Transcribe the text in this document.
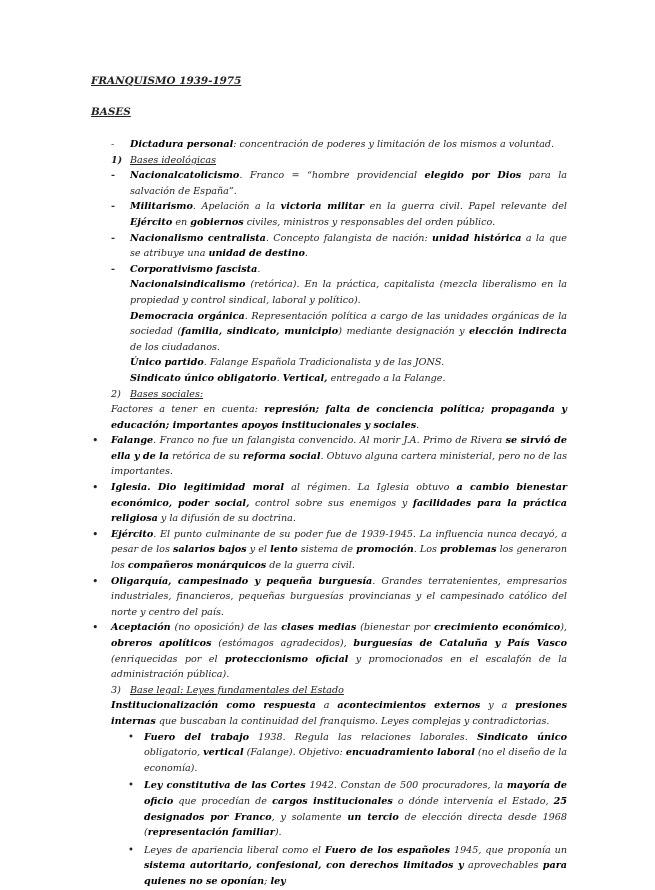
FRANQUISMO 1939-1975
BASES

- Dictadura personal: concentración de poderes y limitación de los mismos a voluntad.

1) Bases ideológicas

- Nacionalcatolicismo. Franco = “hombre providencial elegido por Dios para la salvación de España”.

- Militarismo. Apelación a la victoria militar en la guerra civil. Papel relevante del Ejército en gobiernos civiles, ministros y responsables del orden público.

- Nacionalismo centralista. Concepto falangista de nación: unidad histórica a la que se atribuye una unidad de destino.

- Corporativismo fascista.

Nacionalsindicalismo (retórica). En la práctica, capitalista (mezcla liberalismo en la propiedad y control sindical, laboral y político).

Democracia orgánica. Representación política a cargo de las unidades orgánicas de la sociedad (familia, sindicato, municipio) mediante designación y elección indirecta de los ciudadanos.

Único partido. Falange Española Tradicionalista y de las JONS.

Sindicato único obligatorio. Vertical, entregado a la Falange.

2) Bases sociales:

Factores a tener en cuenta: represión; falta de conciencia política; propaganda y educación; importantes apoyos institucionales y sociales.

• Falange. Franco no fue un falangista convencido. Al morir J.A. Primo de Rivera se sirvió de ella y de la retórica de su reforma social. Obtuvo alguna cartera ministerial, pero no de las importantes.

• Iglesia. Dio legitimidad moral al régimen. La Iglesia obtuvo a cambio bienestar económico, poder social, control sobre sus enemigos y facilidades para la práctica religiosa y la difusión de su doctrina.

• Ejército. El punto culminante de su poder fue de 1939-1945. La influencia nunca decayó, a pesar de los salarios bajos y el lento sistema de promoción. Los problemas los generaron los compañeros monárquicos de la guerra civil.

• Oligarquía, campesinado y pequeña burguesía. Grandes terratenientes, empresarios industriales, financieros, pequeñas burguesías provincianas y el campesinado católico del norte y centro del país.

• Aceptación (no oposición) de las clases medias (bienestar por crecimiento económico), obreros apolíticos (estómagos agradecidos), burguesías de Cataluña y País Vasco (enriquecidas por el proteccionismo oficial y promocionados en el escalafón de la administración pública).

3) Base legal: Leyes fundamentales del Estado

Institucionalización como respuesta a acontecimientos externos y a presiones internas que buscaban la continuidad del franquismo. Leyes complejas y contradictorias.

• Fuero del trabajo 1938. Regula las relaciones laborales. Sindicato único obligatorio, vertical (Falange). Objetivo: encuadramiento laboral (no el diseño de la economía).

• Ley constitutiva de las Cortes 1942. Constan de 500 procuradores, la mayoría de oficio que procedían de cargos institucionales o dónde intervenía el Estado, 25 designados por Franco, y solamente un tercio de elección directa desde 1968 (representación familiar).

• Leyes de apariencia liberal como el Fuero de los españoles 1945, que proponía un sistema autoritario, confesional, con derechos limitados y aprovechables para quienes no se oponían; ley
